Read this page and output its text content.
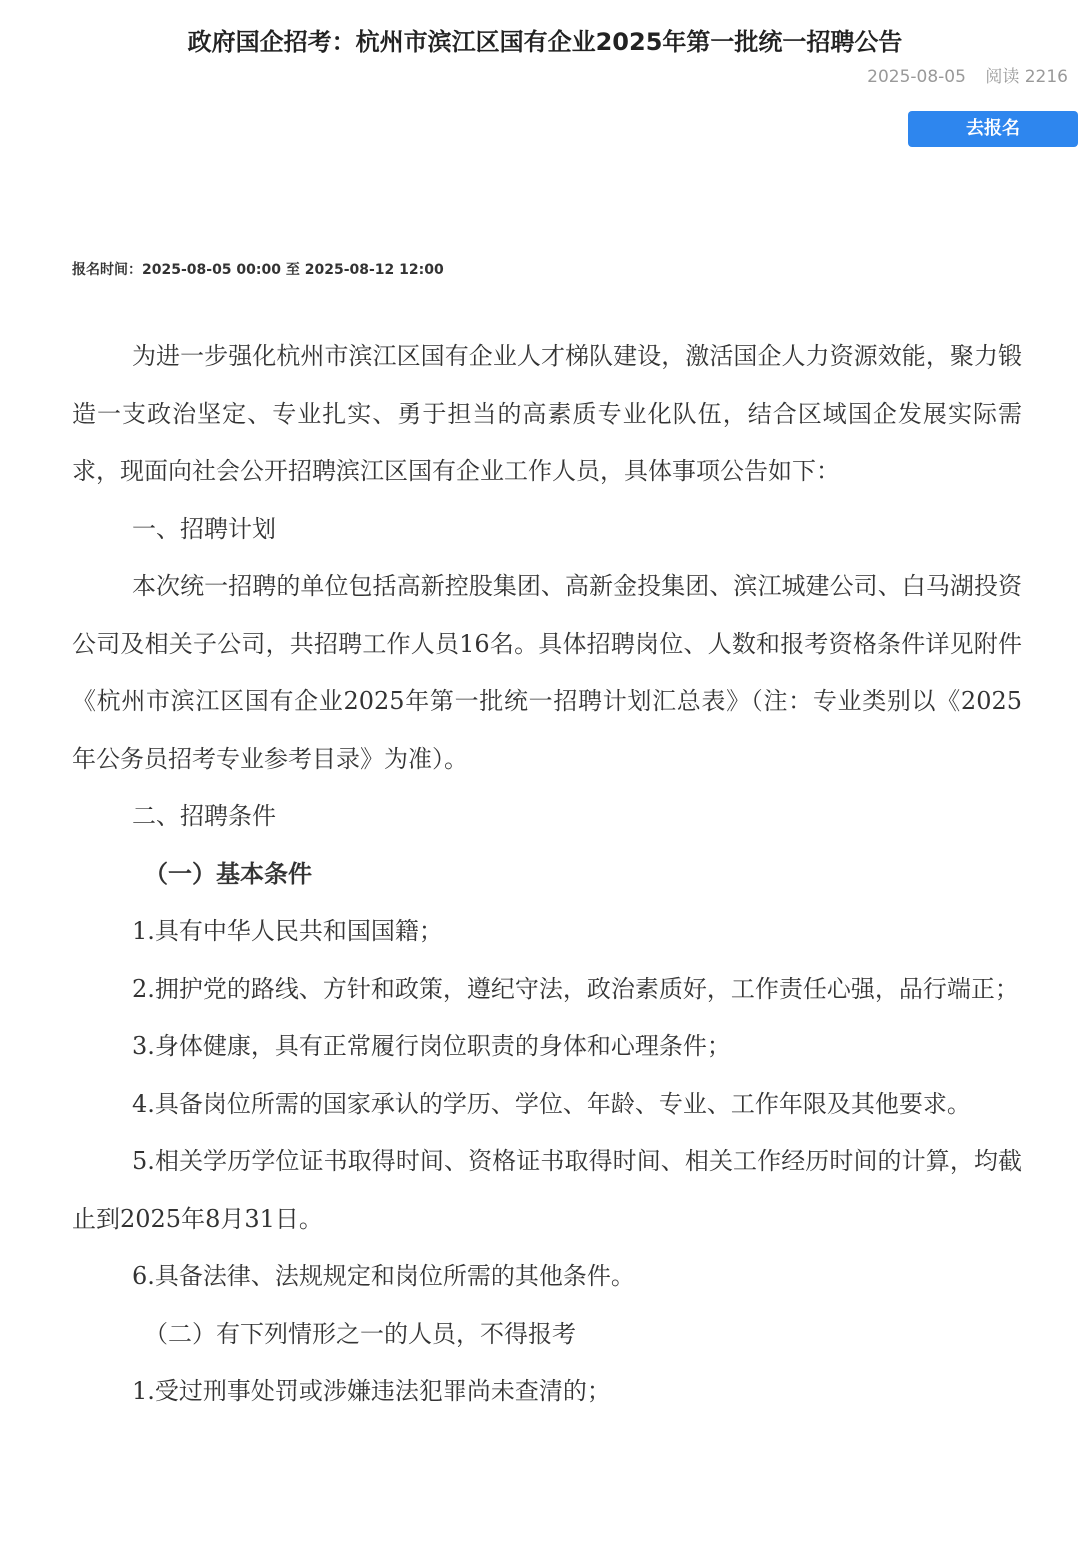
政府国企招考：杭州市滨江区国有企业2025年第一批统一招聘公告
2025-08-05 阅读 2216
去报名
报名时间：2025-08-05 00:00 至 2025-08-12 12:00

为进一步强化杭州市滨江区国有企业人才梯队建设，激活国企人力资源效能，聚力锻造一支政治坚定、专业扎实、勇于担当的高素质专业化队伍，结合区域国企发展实际需求，现面向社会公开招聘滨江区国有企业工作人员，具体事项公告如下：

一、招聘计划

本次统一招聘的单位包括高新控股集团、高新金投集团、滨江城建公司、白马湖投资公司及相关子公司，共招聘工作人员16名。具体招聘岗位、人数和报考资格条件详见附件《杭州市滨江区国有企业2025年第一批统一招聘计划汇总表》（注：专业类别以《2025年公务员招考专业参考目录》为准）。

二、招聘条件

（一）基本条件

1.具有中华人民共和国国籍；

2.拥护党的路线、方针和政策，遵纪守法，政治素质好，工作责任心强，品行端正；

3.身体健康，具有正常履行岗位职责的身体和心理条件；

4.具备岗位所需的国家承认的学历、学位、年龄、专业、工作年限及其他要求。

5.相关学历学位证书取得时间、资格证书取得时间、相关工作经历时间的计算，均截止到2025年8月31日。

6.具备法律、法规规定和岗位所需的其他条件。

（二）有下列情形之一的人员，不得报考

1.受过刑事处罚或涉嫌违法犯罪尚未查清的；
